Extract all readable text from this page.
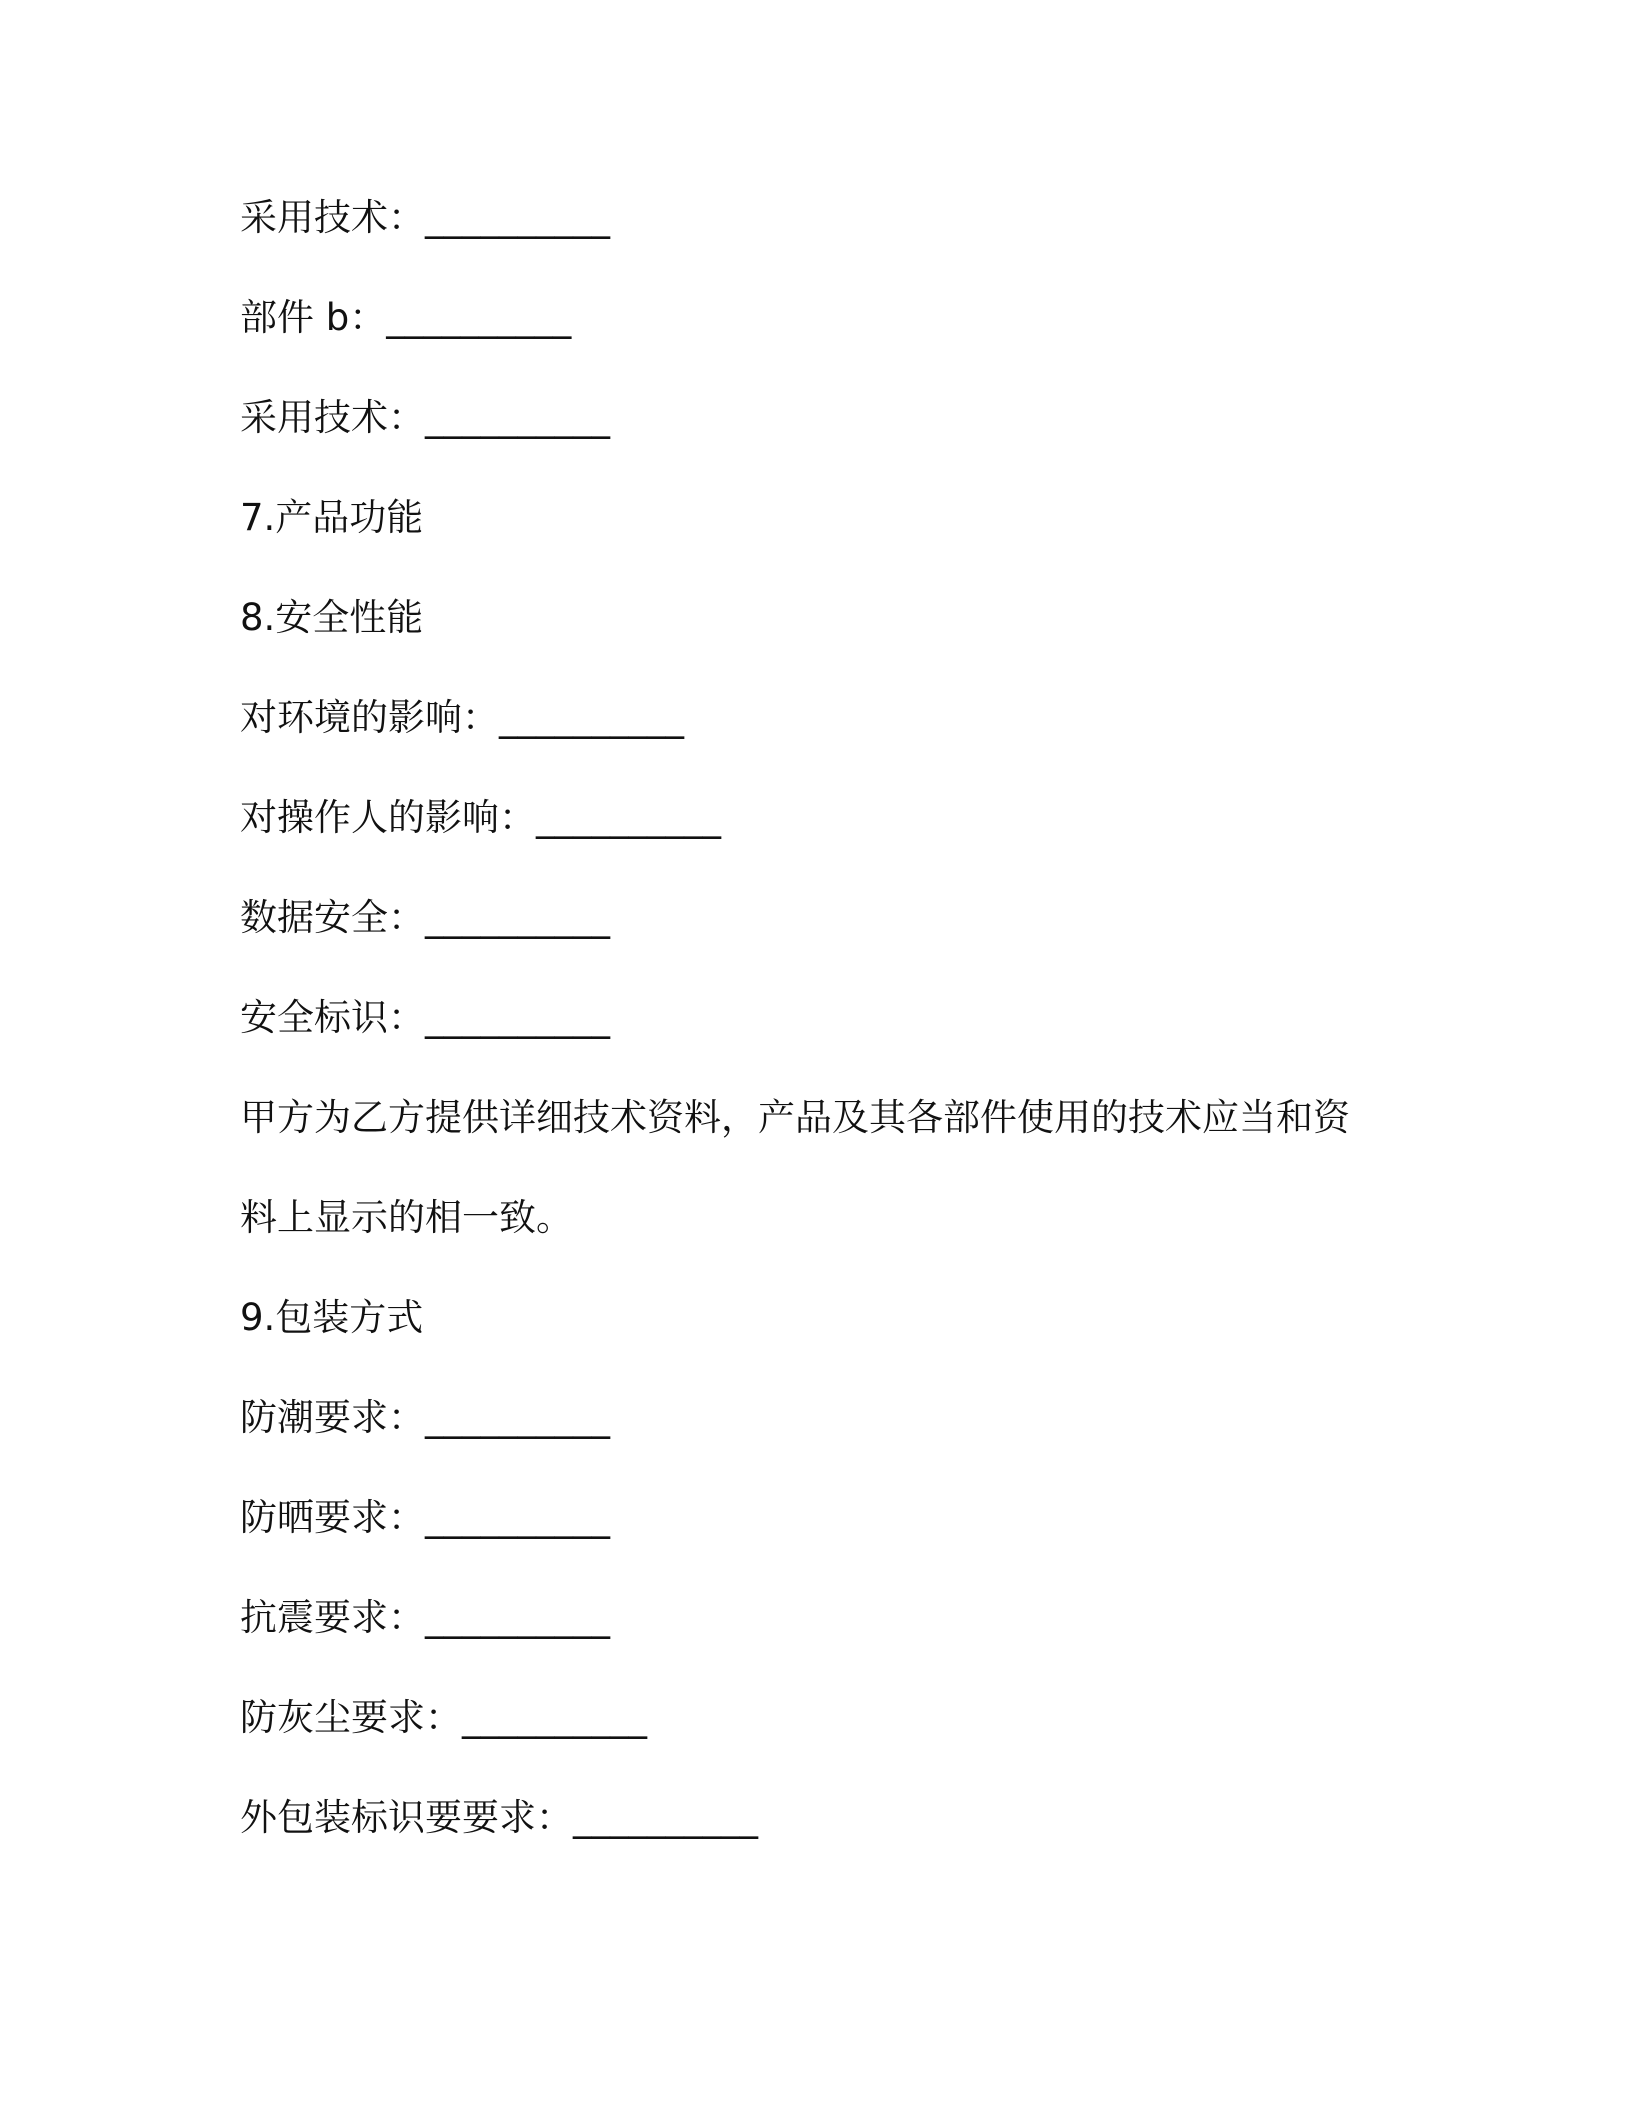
采用技术：__________
部件 b：__________
采用技术：__________
7.产品功能
8.安全性能
对环境的影响：__________
对操作人的影响：__________
数据安全：__________
安全标识：__________
甲方为乙方提供详细技术资料，产品及其各部件使用的技术应当和资
料上显示的相一致。
9.包装方式
防潮要求：__________
防晒要求：__________
抗震要求：__________
防灰尘要求：__________
外包装标识要要求：__________
